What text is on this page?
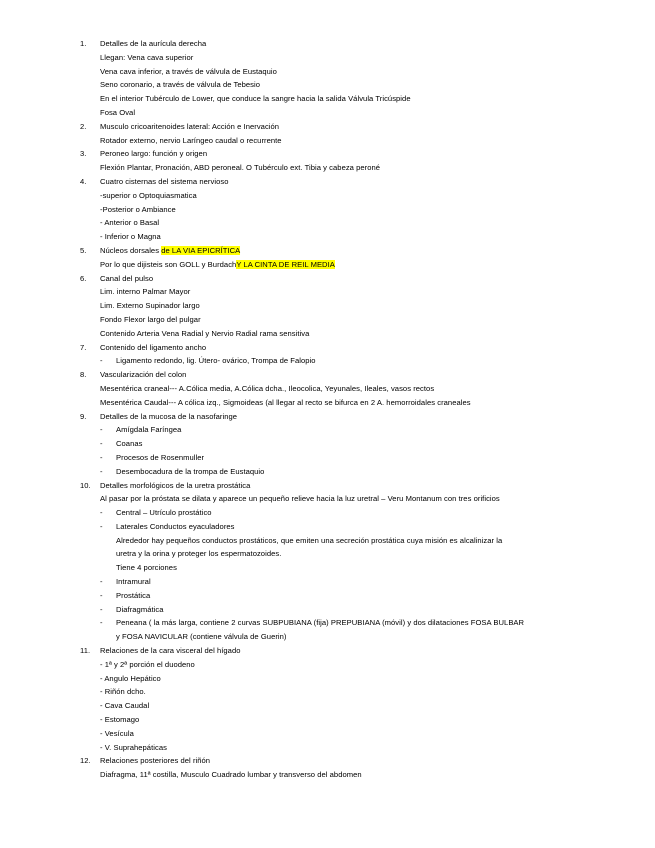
1.	Detalles de la aurícula derecha
Llegan: Vena cava superior
Vena cava inferior, a través de válvula de Eustaquio
Seno coronario, a través de válvula de Tebesio
En el interior Tubérculo de Lower, que conduce la sangre hacia la salida Válvula Tricúspide
Fosa Oval
2.	Musculo cricoaritenoides lateral: Acción e Inervación
Rotador externo, nervio Laríngeo caudal o recurrente
3.	Peroneo largo: función y origen
Flexión Plantar, Pronación, ABD peroneal. O Tubérculo ext. Tibia y cabeza peroné
4.	Cuatro cisternas del sistema nervioso
-superior o Optoquiasmatica
-Posterior o Ambiance
- Anterior o Basal
- Inferior o Magna
5.	Núcleos dorsales de LA VIA EPICRÍTICA
Por lo que dijisteis son GOLL y BurdachY LA CINTA DE REIL MEDIA
6.	Canal del pulso
Lim. interno Palmar Mayor
Lim. Externo Supinador largo
Fondo Flexor largo del pulgar
Contenido Arteria Vena Radial y Nervio Radial rama sensitiva
7.	Contenido del ligamento ancho
-	Ligamento redondo, lig. Útero- ovárico, Trompa de Falopio
8.	Vascularización del colon
Mesentérica craneal--- A.Cólica media, A.Cólica dcha., Ileocolica, Yeyunales, Ileales, vasos rectos
Mesentérica Caudal--- A cólica izq., Sigmoideas (al llegar al recto se bifurca en 2 A. hemorroidales craneales
9.	Detalles de la mucosa de la nasofaringe
-	Amígdala Faríngea
-	Coanas
-	Procesos de Rosenmuller
-	Desembocadura de la trompa de Eustaquio
10.	Detalles morfológicos de la uretra prostática
Al pasar por la próstata se dilata y aparece un pequeño relieve hacia la luz uretral – Veru Montanum con tres orificios
-	Central – Utrículo prostático
-	Laterales Conductos eyaculadores
Alrededor hay pequeños conductos prostáticos, que emiten una secreción prostática cuya misión es alcalinizar la
uretra y la orina y proteger los espermatozoides.
Tiene 4 porciones
-	Intramural
-	Prostática
-	Diafragmática
-	Peneana ( la más larga, contiene 2 curvas SUBPUBIANA (fija) PREPUBIANA (móvil) y dos dilataciones FOSA BULBAR
y FOSA NAVICULAR (contiene válvula de Guerin)
11.	Relaciones de la cara visceral del hígado
- 1ª y 2ª porción el duodeno
- Angulo Hepático
- Riñón dcho.
- Cava Caudal
- Estomago
- Vesícula
- V. Suprahepáticas
12.	Relaciones posteriores del riñón
Diafragma, 11ª costilla, Musculo Cuadrado lumbar y transverso del abdomen
